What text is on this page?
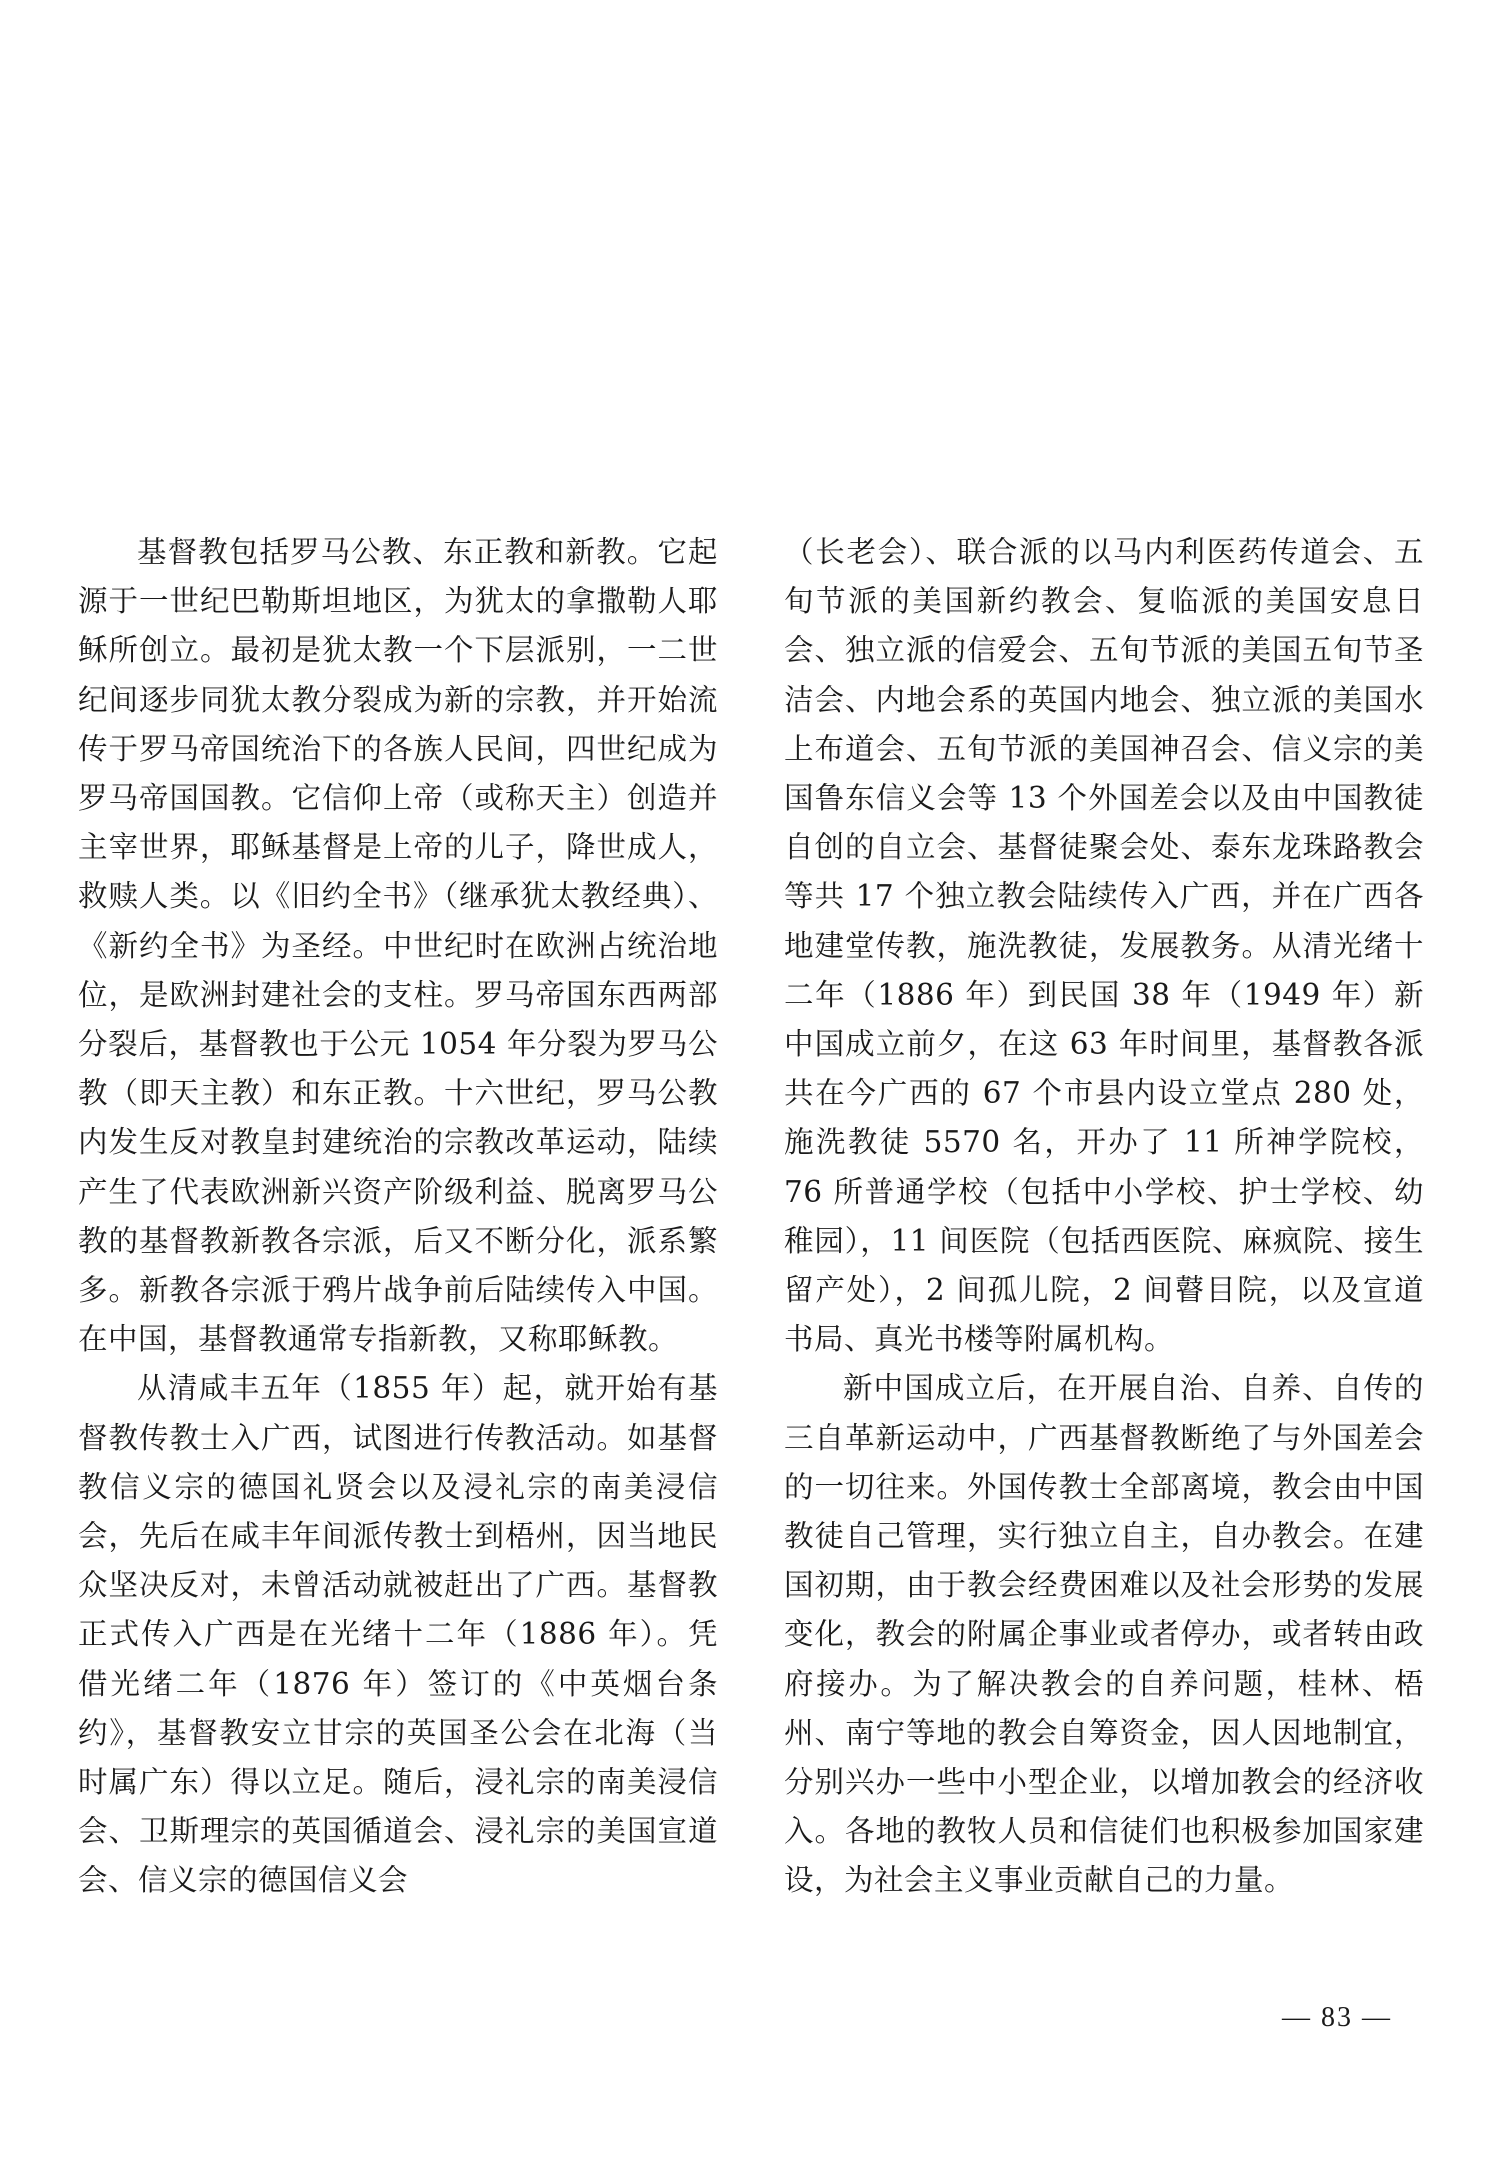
基督教包括罗马公教、东正教和新教。它起源于一世纪巴勒斯坦地区，为犹太的拿撒勒人耶稣所创立。最初是犹太教一个下层派别，一二世纪间逐步同犹太教分裂成为新的宗教，并开始流传于罗马帝国统治下的各族人民间，四世纪成为罗马帝国国教。它信仰上帝（或称天主）创造并主宰世界，耶稣基督是上帝的儿子，降世成人，救赎人类。以《旧约全书》（继承犹太教经典）、《新约全书》为圣经。中世纪时在欧洲占统治地位，是欧洲封建社会的支柱。罗马帝国东西两部分裂后，基督教也于公元 1054 年分裂为罗马公教（即天主教）和东正教。十六世纪，罗马公教内发生反对教皇封建统治的宗教改革运动，陆续产生了代表欧洲新兴资产阶级利益、脱离罗马公教的基督教新教各宗派，后又不断分化，派系繁多。新教各宗派于鸦片战争前后陆续传入中国。在中国，基督教通常专指新教，又称耶稣教。

从清咸丰五年（1855 年）起，就开始有基督教传教士入广西，试图进行传教活动。如基督教信义宗的德国礼贤会以及浸礼宗的南美浸信会，先后在咸丰年间派传教士到梧州，因当地民众坚决反对，未曾活动就被赶出了广西。基督教正式传入广西是在光绪十二年（1886 年）。凭借光绪二年（1876 年）签订的《中英烟台条约》，基督教安立甘宗的英国圣公会在北海（当时属广东）得以立足。随后，浸礼宗的南美浸信会、卫斯理宗的英国循道会、浸礼宗的美国宣道会、信义宗的德国信义会

（长老会）、联合派的以马内利医药传道会、五旬节派的美国新约教会、复临派的美国安息日会、独立派的信爱会、五旬节派的美国五旬节圣洁会、内地会系的英国内地会、独立派的美国水上布道会、五旬节派的美国神召会、信义宗的美国鲁东信义会等 13 个外国差会以及由中国教徒自创的自立会、基督徒聚会处、泰东龙珠路教会等共 17 个独立教会陆续传入广西，并在广西各地建堂传教，施洗教徒，发展教务。从清光绪十二年（1886 年）到民国 38 年（1949 年）新中国成立前夕，在这 63 年时间里，基督教各派共在今广西的 67 个市县内设立堂点 280 处，施洗教徒 5570 名，开办了 11 所神学院校，76 所普通学校（包括中小学校、护士学校、幼稚园），11 间医院（包括西医院、麻疯院、接生留产处），2 间孤儿院，2 间瞽目院，以及宣道书局、真光书楼等附属机构。

新中国成立后，在开展自治、自养、自传的三自革新运动中，广西基督教断绝了与外国差会的一切往来。外国传教士全部离境，教会由中国教徒自己管理，实行独立自主，自办教会。在建国初期，由于教会经费困难以及社会形势的发展变化，教会的附属企事业或者停办，或者转由政府接办。为了解决教会的自养问题，桂林、梧州、南宁等地的教会自筹资金，因人因地制宜，分别兴办一些中小型企业，以增加教会的经济收入。各地的教牧人员和信徒们也积极参加国家建设，为社会主义事业贡献自己的力量。

— 83 —
